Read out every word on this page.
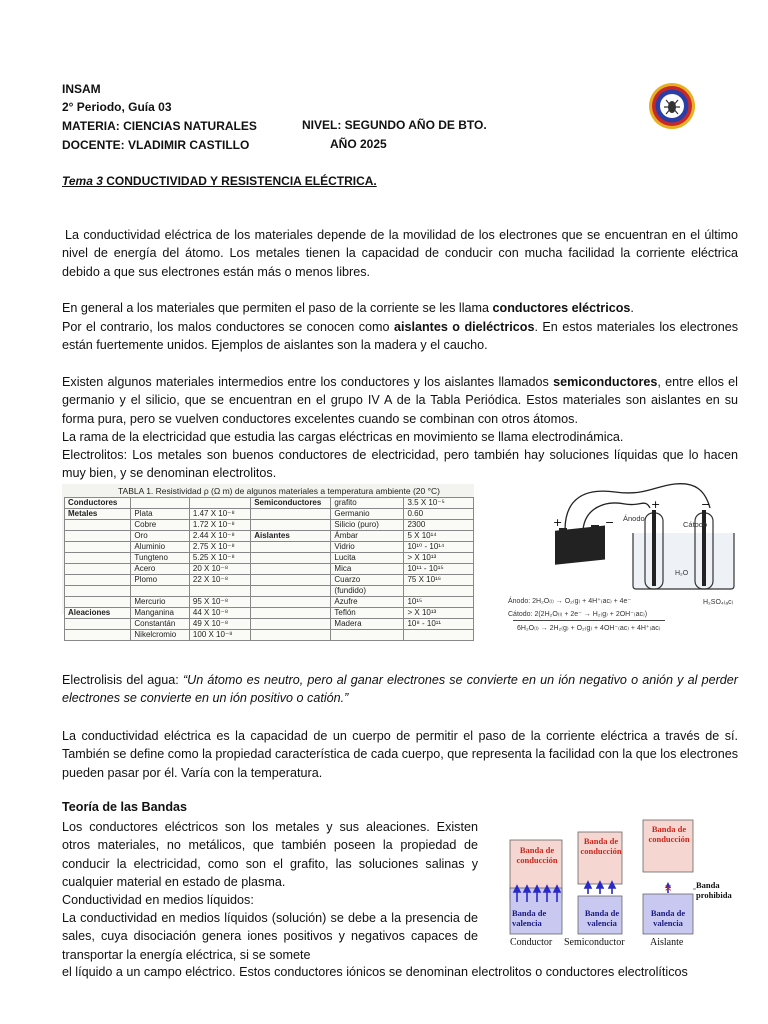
INSAM
2° Periodo, Guía 03
MATERIA: CIENCIAS NATURALES	NIVEL: SEGUNDO AÑO DE BTO.
DOCENTE: VLADIMIR CASTILLO	AÑO 2025
Tema 3 CONDUCTIVIDAD Y RESISTENCIA ELÉCTRICA.
La conductividad eléctrica de los materiales depende de la movilidad de los electrones que se encuentran en el último nivel de energía del átomo. Los metales tienen la capacidad de conducir con mucha facilidad la corriente eléctrica debido a que sus electrones están más o menos libres.
En general a los materiales que permiten el paso de la corriente se les llama conductores eléctricos.
Por el contrario, los malos conductores se conocen como aislantes o dieléctricos. En estos materiales los electrones están fuertemente unidos. Ejemplos de aislantes son la madera y el caucho.
Existen algunos materiales intermedios entre los conductores y los aislantes llamados semiconductores, entre ellos el germanio y el silicio, que se encuentran en el grupo IV A de la Tabla Periódica. Estos materiales son aislantes en su forma pura, pero se vuelven conductores excelentes cuando se combinan con otros átomos.
La rama de la electricidad que estudia las cargas eléctricas en movimiento se llama electrodinámica.
Electrolitos: Los metales son buenos conductores de electricidad, pero también hay soluciones líquidas que lo hacen muy bien, y se denominan electrolitos.
TABLA 1. Resistividad ρ (Ω m) de algunos materiales a temperatura ambiente (20 °C)
Conductores			Semiconductores	grafito	3.5 X 10⁻⁵
Metales	Plata	1.47 X 10⁻⁸		Germanio	0.60
	Cobre	1.72 X 10⁻⁸		Silicio (puro)	2300
	Oro	2.44 X 10⁻⁸	Aislantes	Ámbar	5 X 10¹⁴
	Aluminio	2.75 X 10⁻⁸		Vidrio	10¹⁰ - 10¹⁴
	Tungteno	5.25 X 10⁻⁸		Lucita	> X 10¹³
	Acero	20 X 10⁻⁸		Mica	10¹¹ - 10¹⁵
	Plomo	22 X 10⁻⁸		Cuarzo	75 X 10¹⁶
				(fundido)	
	Mercurio	95 X 10⁻⁸		Azufre	10¹⁵
Aleaciones	Manganina	44 X 10⁻⁸		Teflón	> X 10¹³
	Constantán	49 X 10⁻⁸		Madera	10⁸ - 10¹¹
	Nikelcromio	100 X 10⁻⁸			
+	−
+	−
Ánodo
Cátodo
H₂O
H₂SO₄₍ₐc₎
Ánodo: 2H₂O₍ₗ₎ → O₂₍g₎ + 4H⁺₍ac₎ + 4e⁻
Cátodo: 2(2H₂O₍ₗ₎ + 2e⁻ → H₂₍g₎ + 2OH⁻₍ac₎)
6H₂O₍ₗ₎ → 2H₂₍g₎ + O₂₍g₎ + 4OH⁻₍ac₎ + 4H⁺₍ac₎
Electrolisis del agua: “Un átomo es neutro, pero al ganar electrones se convierte en un ión negativo o anión y al perder electrones se convierte en un ión positivo o catión.”
La conductividad eléctrica es la capacidad de un cuerpo de permitir el paso de la corriente eléctrica a través de sí. También se define como la propiedad característica de cada cuerpo, que representa la facilidad con la que los electrones pueden pasar por él. Varía con la temperatura.
Teoría de las Bandas
Los conductores eléctricos son los metales y sus aleaciones. Existen otros materiales, no metálicos, que también poseen la propiedad de conducir la electricidad, como son el grafito, las soluciones salinas y cualquier material en estado de plasma.
Conductividad en medios líquidos:
La conductividad en medios líquidos (solución) se debe a la presencia de sales, cuya disociación genera iones positivos y negativos capaces de transportar la energía eléctrica, si se somete
el líquido a un campo eléctrico. Estos conductores iónicos se denominan electrolitos o conductores electrolíticos
×
Banda de conducción
Banda de conducción
Banda de conducción
Banda de valencia
Banda de valencia
Banda de valencia
Banda prohibida
Conductor Semiconductor	Aislante
